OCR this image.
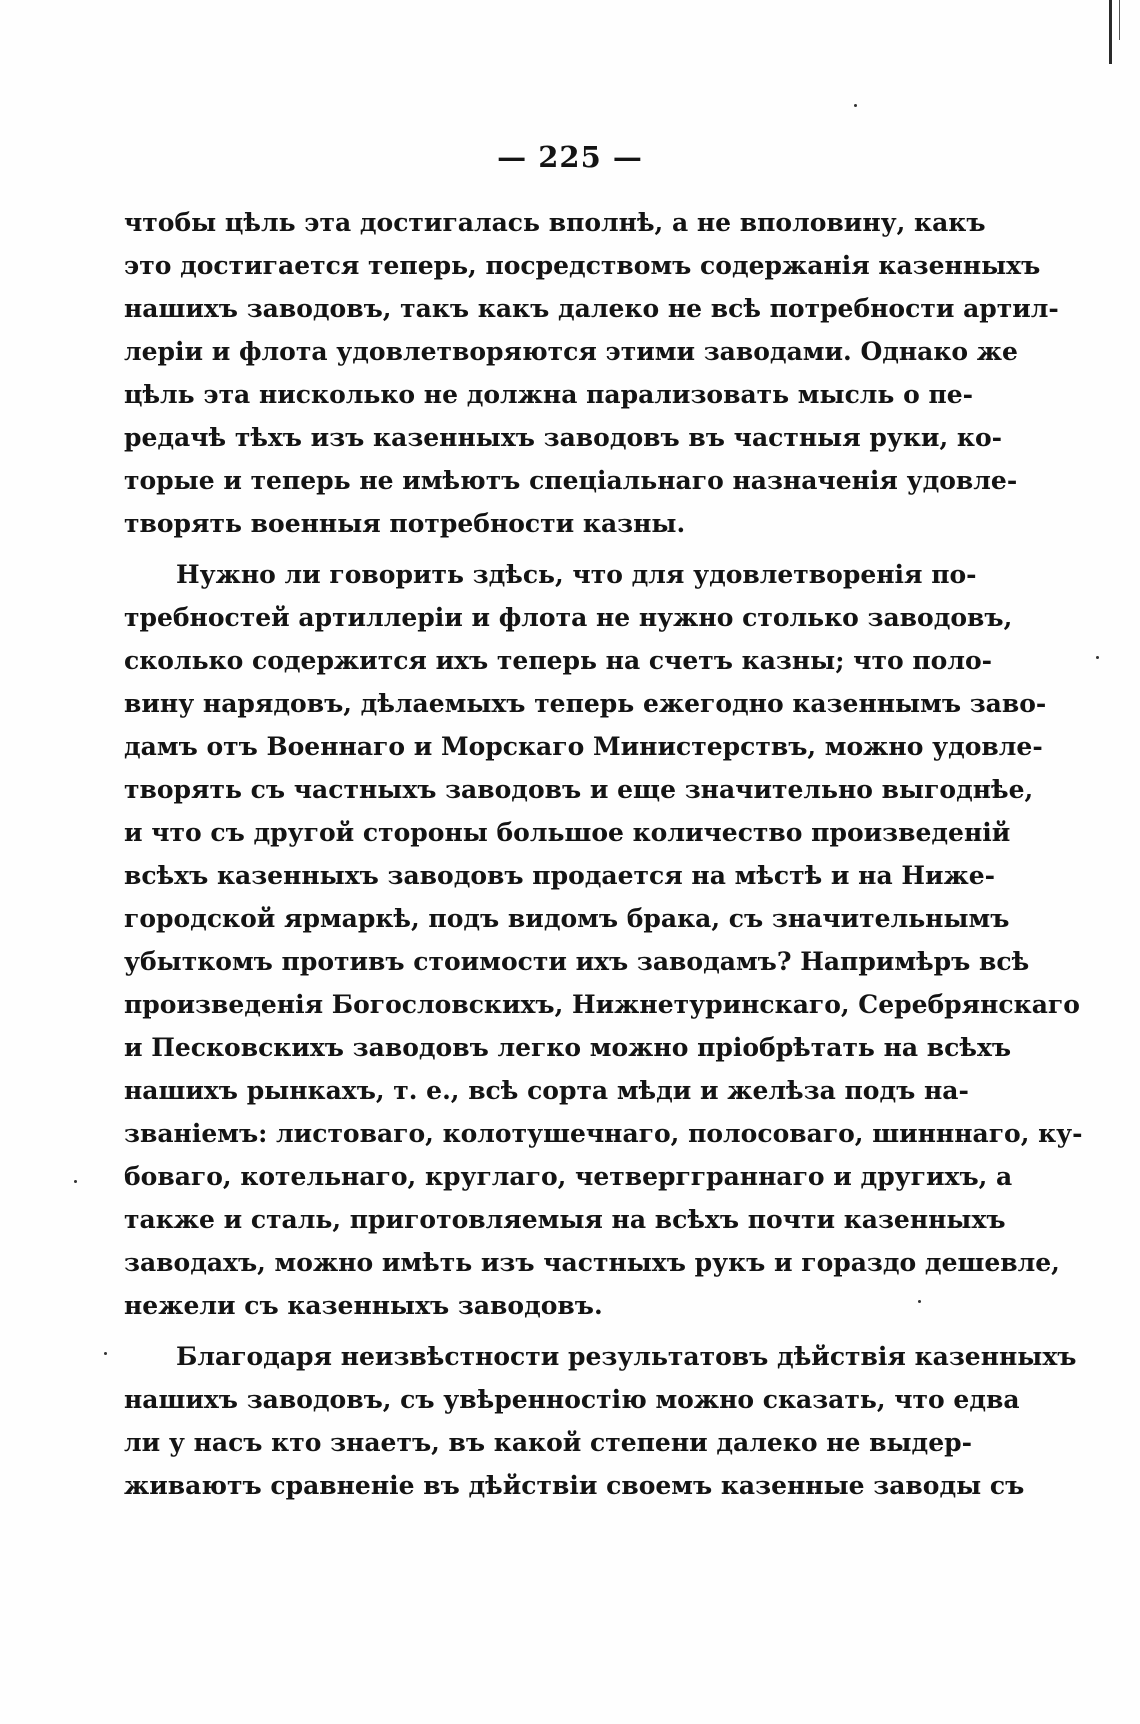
— 225 —
чтобы цѣль эта достигалась вполнѣ, а не вполовину, какъ
это достигается теперь, посредствомъ содержанія казенныхъ
нашихъ заводовъ, такъ какъ далеко не всѣ потребности артил-
леріи и флота удовлетворяются этими заводами. Однако же
цѣль эта нисколько не должна парализовать мысль о пе-
редачѣ тѣхъ изъ казенныхъ заводовъ въ частныя руки, ко-
торые и теперь не имѣютъ спеціальнаго назначенія удовле-
творять военныя потребности казны.
Нужно ли говорить здѣсь, что для удовлетворенія по-
требностей артиллеріи и флота не нужно столько заводовъ,
сколько содержится ихъ теперь на счетъ казны; что поло-
вину нарядовъ, дѣлаемыхъ теперь ежегодно казеннымъ заво-
дамъ отъ Военнаго и Морскаго Министерствъ, можно удовле-
творять съ частныхъ заводовъ и еще значительно выгоднѣе,
и что съ другой стороны большое количество произведеній
всѣхъ казенныхъ заводовъ продается на мѣстѣ и на Ниже-
городской ярмаркѣ, подъ видомъ брака, съ значительнымъ
убыткомъ противъ стоимости ихъ заводамъ? Напримѣръ всѣ
произведенія Богословскихъ, Нижнетуринскаго, Серебрянскаго
и Песковскихъ заводовъ легко можно пріобрѣтать на всѣхъ
нашихъ рынкахъ, т. е., всѣ сорта мѣди и желѣза подъ на-
званіемъ: листоваго, колотушечнаго, полосоваго, шинннаго, ку-
боваго, котельнаго, круглаго, четвергграннаго и другихъ, а
также и сталь, приготовляемыя на всѣхъ почти казенныхъ
заводахъ, можно имѣть изъ частныхъ рукъ и гораздо дешевле,
нежели съ казенныхъ заводовъ.
Благодаря неизвѣстности результатовъ дѣйствія казенныхъ
нашихъ заводовъ, съ увѣренностію можно сказать, что едва
ли у насъ кто знаетъ, въ какой степени далеко не выдер-
живаютъ сравненіе въ дѣйствіи своемъ казенные заводы съ
